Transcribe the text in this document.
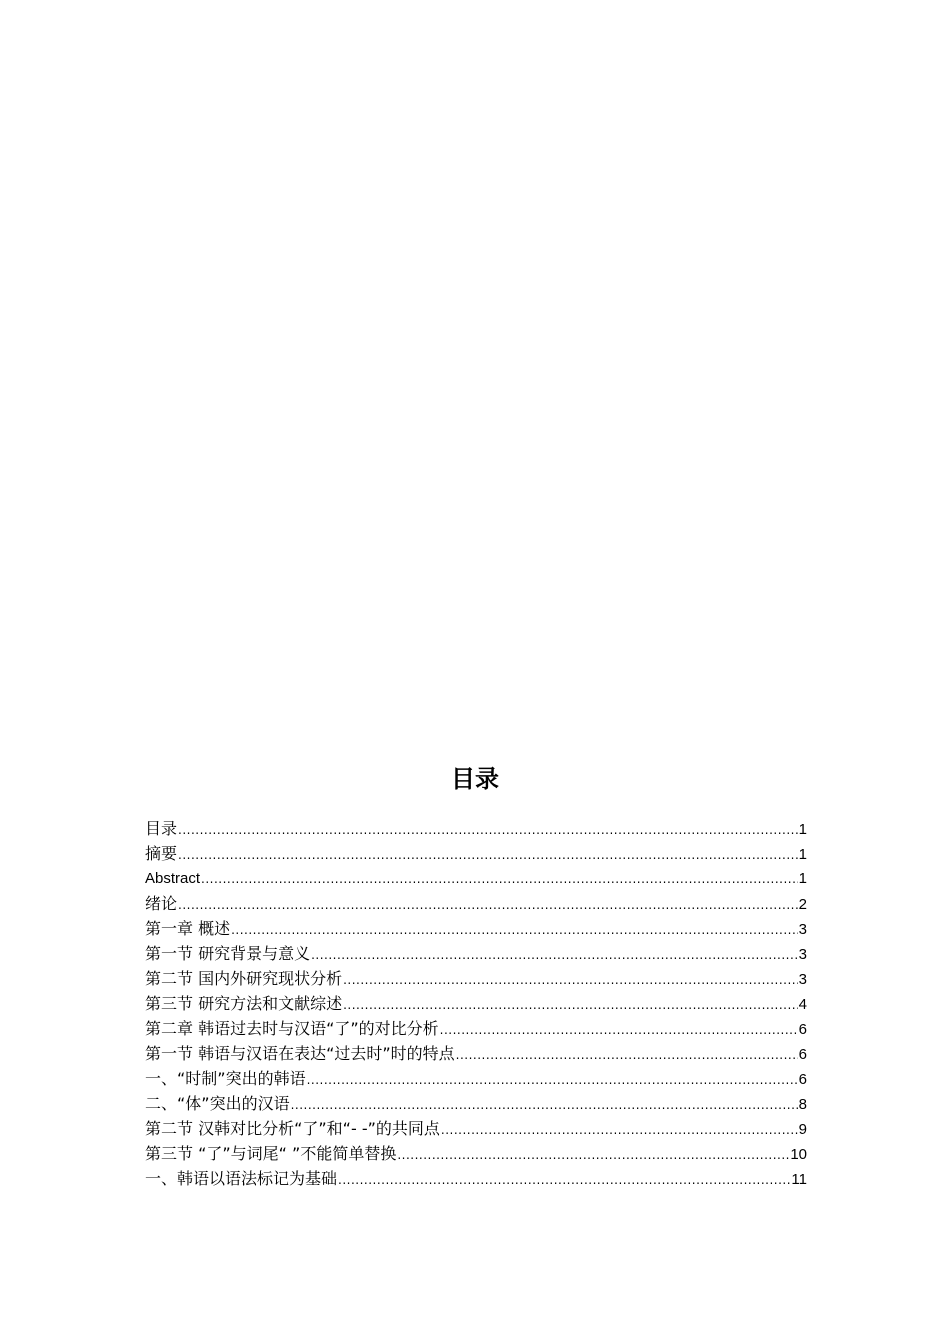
目录
目录 .....	1
摘要 .....	1
Abstract .....	1
绪论 .....	2
第一章 概述 .....	3
第一节 研究背景与意义 .....	3
第二节 国内外研究现状分析 .....	3
第三节 研究方法和文献综述 .....	4
第二章 韩语过去时与汉语“了”的对比分析 .....	6
第一节 韩语与汉语在表达“过去时”时的特点 .....	6
一、“时制”突出的韩语 .....	6
二、“体”突出的汉语 .....	8
第二节 汉韩对比分析“了”和“- -”的共同点 .....	9
第三节 “了”与词尾“ ”不能简单替换 .....	10
一、韩语以语法标记为基础 .....	11
